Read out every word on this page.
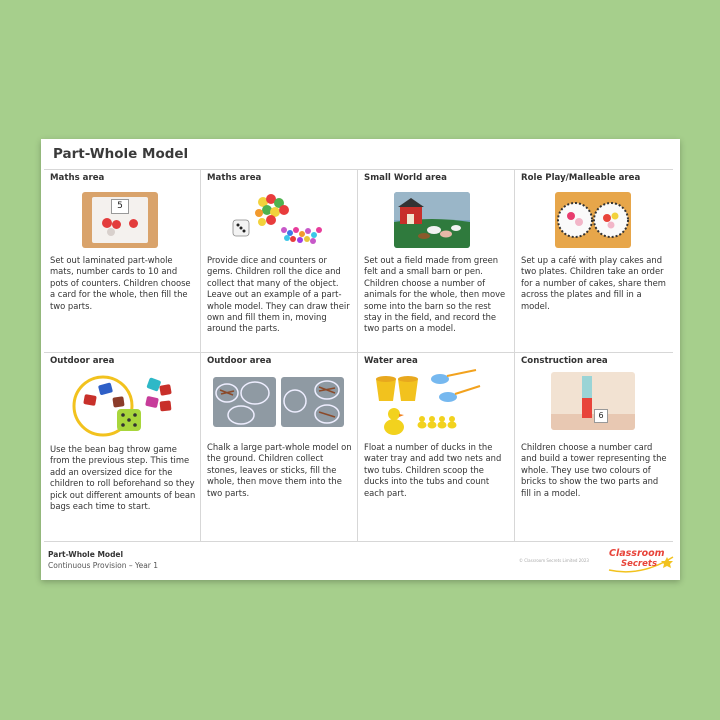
Part-Whole Model
Maths area
5
Set out laminated part-whole mats, number cards to 10 and pots of counters. Children choose a card for the whole, then fill the two parts.
Maths area
Provide dice and counters or gems. Children roll the dice and collect that many of the object. Leave out an example of a part-whole model. They can draw their own and fill them in, moving around the parts.
Small World area
Set out a field made from green felt and a small barn or pen. Children choose a number of animals for the whole, then move some into the barn so the rest stay in the field, and record the two parts on a model.
Role Play/Malleable area
Set up a café with play cakes and two plates. Children take an order for a number of cakes, share them across the plates and fill in a model.
Outdoor area
Use the bean bag throw game from the previous step. This time add an oversized dice for the children to roll beforehand so they pick out different amounts of bean bags each time to start.
Outdoor area
Chalk a large part-whole model on the ground. Children collect stones, leaves or sticks, fill the whole, then move them into the two parts.
Water area
Float a number of ducks in the water tray and add two nets and two tubs. Children scoop the ducks into the tubs and count each part.
Construction area
6
Children choose a number card and build a tower representing the whole. They use two colours of bricks to show the two parts and fill in a model.
Part-Whole Model
Continuous Provision – Year 1
© Classroom Secrets Limited 2023
Classroom
Secrets
